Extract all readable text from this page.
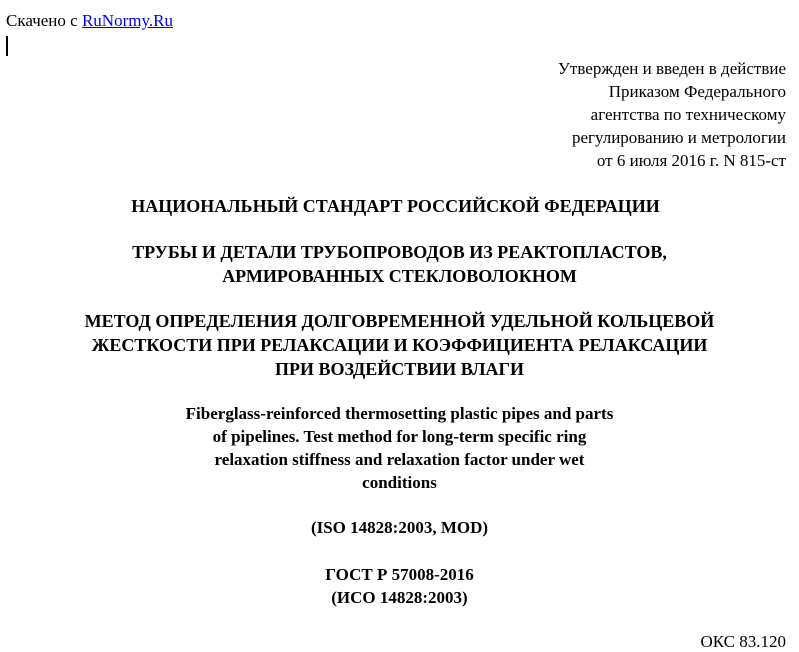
Скачено с RuNormy.Ru
Утвержден и введен в действие
Приказом Федерального
агентства по техническому
регулированию и метрологии
от 6 июля 2016 г. N 815-ст
НАЦИОНАЛЬНЫЙ СТАНДАРТ РОССИЙСКОЙ ФЕДЕРАЦИИ
ТРУБЫ И ДЕТАЛИ ТРУБОПРОВОДОВ ИЗ РЕАКТОПЛАСТОВ,
АРМИРОВАННЫХ СТЕКЛОВОЛОКНОМ
МЕТОД ОПРЕДЕЛЕНИЯ ДОЛГОВРЕМЕННОЙ УДЕЛЬНОЙ КОЛЬЦЕВОЙ
ЖЕСТКОСТИ ПРИ РЕЛАКСАЦИИ И КОЭФФИЦИЕНТА РЕЛАКСАЦИИ
ПРИ ВОЗДЕЙСТВИИ ВЛАГИ
Fiberglass-reinforced thermosetting plastic pipes and parts
of pipelines. Test method for long-term specific ring
relaxation stiffness and relaxation factor under wet
conditions
(ISO 14828:2003, MOD)
ГОСТ Р 57008-2016
(ИСО 14828:2003)
ОКС 83.120
